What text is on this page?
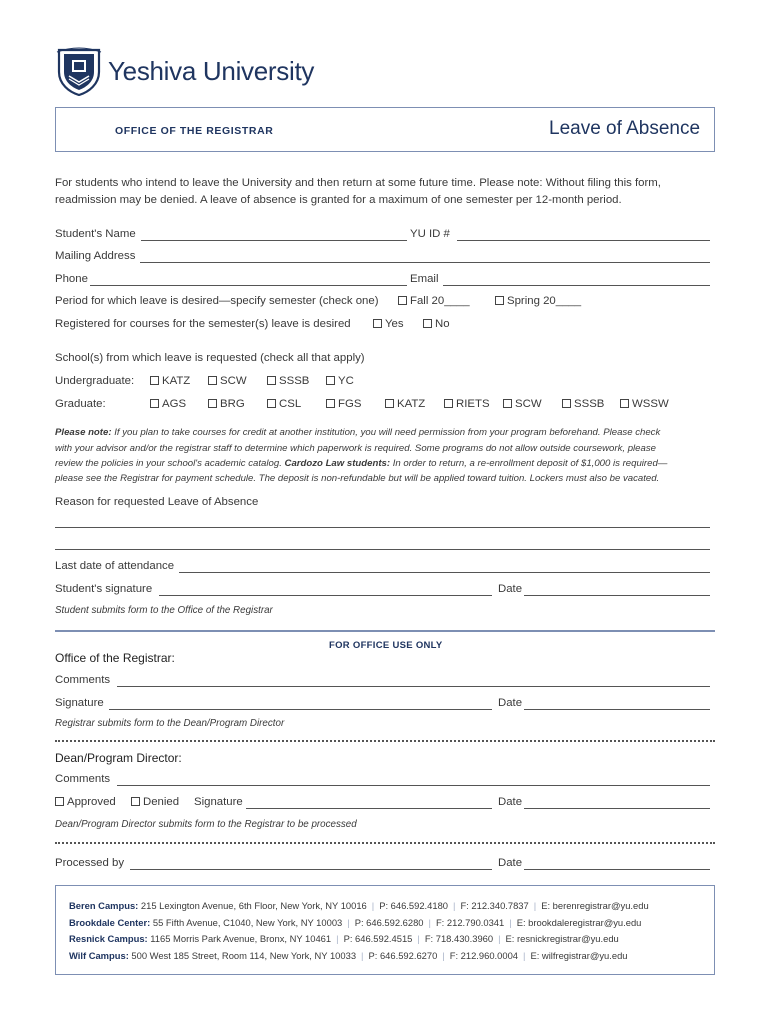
Yeshiva University
OFFICE OF THE REGISTRAR	Leave of Absence
For students who intend to leave the University and then return at some future time. Please note: Without filing this form,
readmission may be denied. A leave of absence is granted for a maximum of one semester per 12-month period.
Student's Name	YU ID #
Mailing Address
Phone	Email
Period for which leave is desired—specify semester (check one)	Fall 20____	Spring 20____
Registered for courses for the semester(s) leave is desired	Yes	No
School(s) from which leave is requested (check all that apply)
Undergraduate:	KATZ	SCW	SSSB	YC
Graduate:	AGS	BRG	CSL	FGS	KATZ	RIETS	SCW	SSSB	WSSW
Please note: If you plan to take courses for credit at another institution, you will need permission from your program beforehand. Please check
with your advisor and/or the registrar staff to determine which paperwork is required. Some programs do not allow outside coursework, please
review the policies in your school's academic catalog. Cardozo Law students: In order to return, a re-enrollment deposit of $1,000 is required—
please see the Registrar for payment schedule. The deposit is non-refundable but will be applied toward tuition. Lockers must also be vacated.
Reason for requested Leave of Absence
Last date of attendance
Student's signature	Date
Student submits form to the Office of the Registrar
FOR OFFICE USE ONLY
Office of the Registrar:
Comments
Signature	Date
Registrar submits form to the Dean/Program Director
Dean/Program Director:
Comments
Approved	Denied Signature	Date
Dean/Program Director submits form to the Registrar to be processed
Processed by	Date
Beren Campus: 215 Lexington Avenue, 6th Floor, New York, NY 10016 | P: 646.592.4180 | F: 212.340.7837 | E: berenregistrar@yu.edu
Brookdale Center: 55 Fifth Avenue, C1040, New York, NY 10003 | P: 646.592.6280 | F: 212.790.0341 | E: brookdaleregistrar@yu.edu
Resnick Campus: 1165 Morris Park Avenue, Bronx, NY 10461 | P: 646.592.4515 | F: 718.430.3960 | E: resnickregistrar@yu.edu
Wilf Campus: 500 West 185 Street, Room 114, New York, NY 10033 | P: 646.592.6270 | F: 212.960.0004 | E: wilfregistrar@yu.edu
